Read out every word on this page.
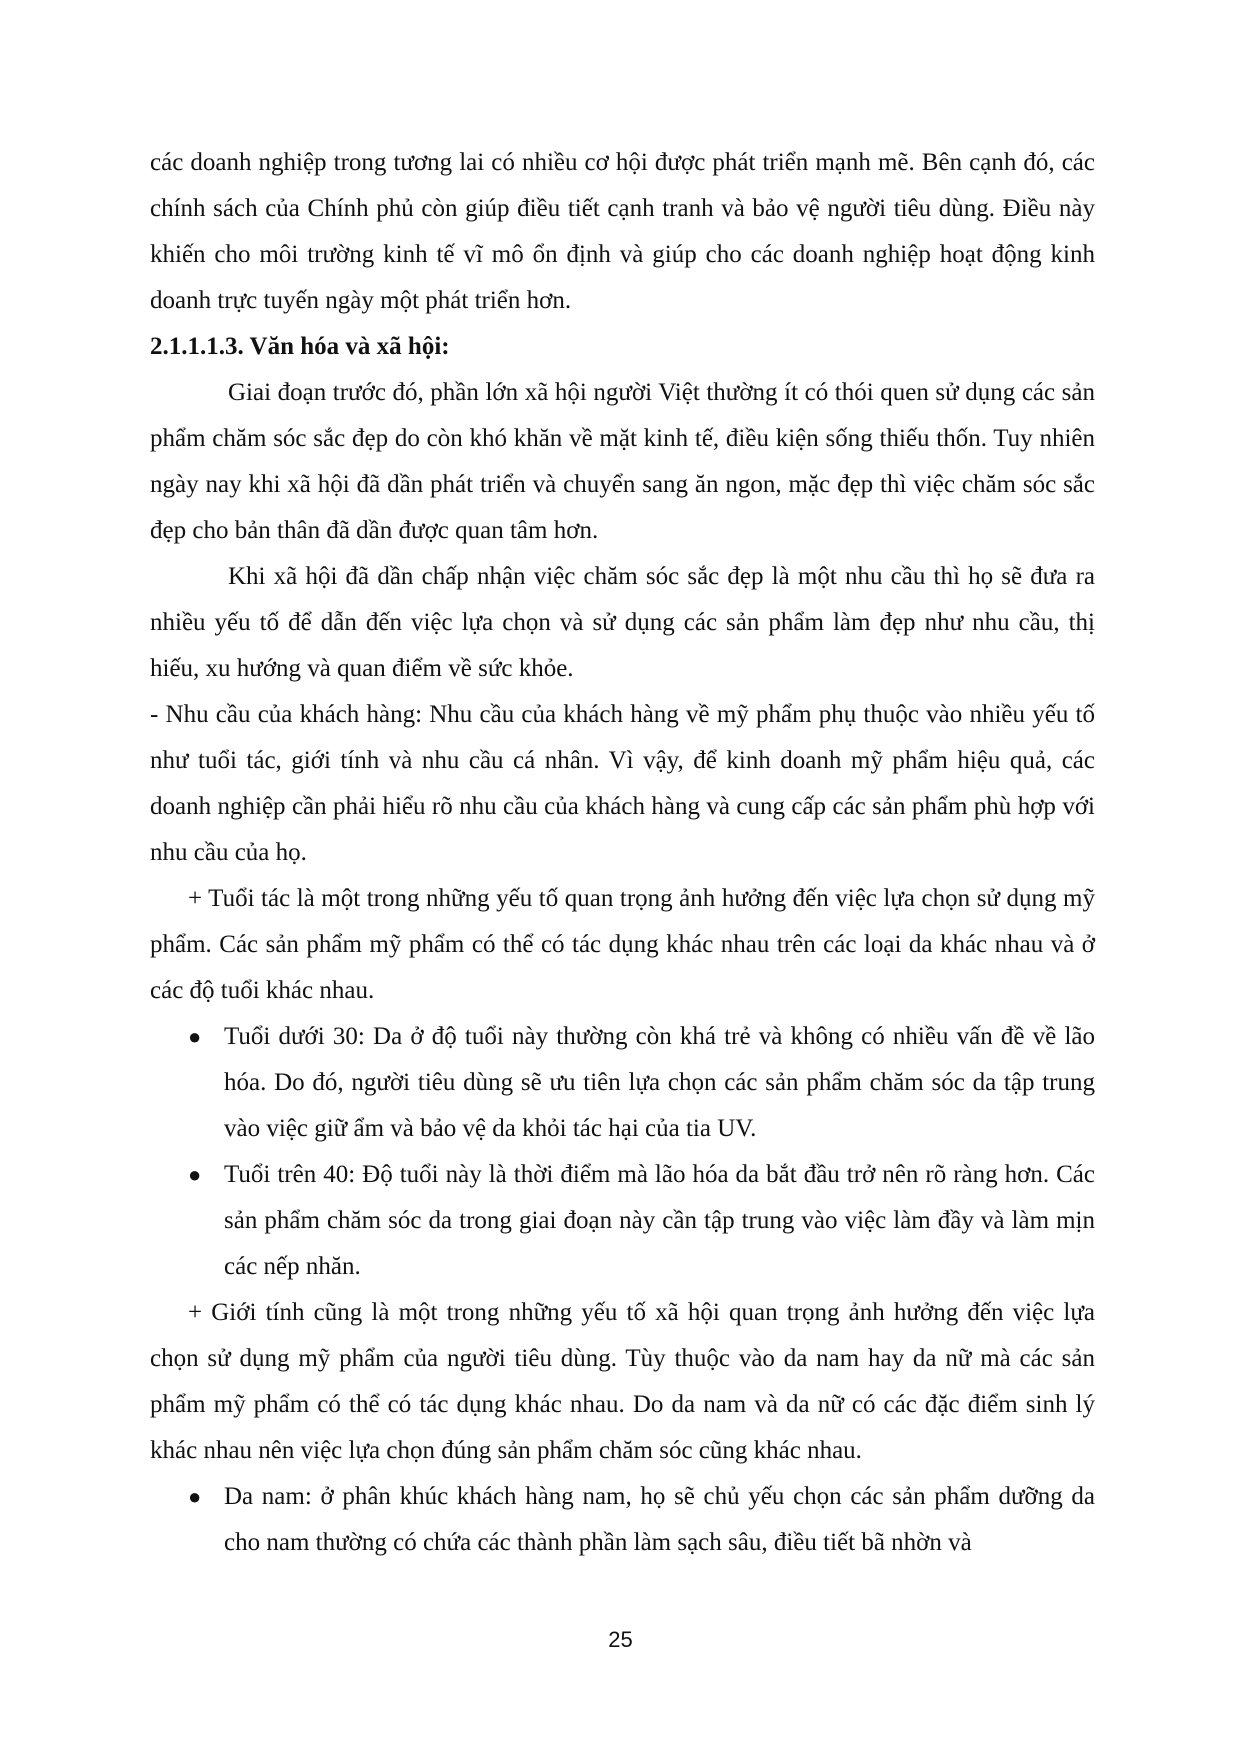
các doanh nghiệp trong tương lai có nhiều cơ hội được phát triển mạnh mẽ. Bên cạnh đó, các chính sách của Chính phủ còn giúp điều tiết cạnh tranh và bảo vệ người tiêu dùng. Điều này khiến cho môi trường kinh tế vĩ mô ổn định và giúp cho các doanh nghiệp hoạt động kinh doanh trực tuyến ngày một phát triển hơn.

2.1.1.1.3. Văn hóa và xã hội:

Giai đoạn trước đó, phần lớn xã hội người Việt thường ít có thói quen sử dụng các sản phẩm chăm sóc sắc đẹp do còn khó khăn về mặt kinh tế, điều kiện sống thiếu thốn. Tuy nhiên ngày nay khi xã hội đã dần phát triển và chuyển sang ăn ngon, mặc đẹp thì việc chăm sóc sắc đẹp cho bản thân đã dần được quan tâm hơn.

Khi xã hội đã dần chấp nhận việc chăm sóc sắc đẹp là một nhu cầu thì họ sẽ đưa ra nhiều yếu tố để dẫn đến việc lựa chọn và sử dụng các sản phẩm làm đẹp như nhu cầu, thị hiếu, xu hướng và quan điểm về sức khỏe.

- Nhu cầu của khách hàng: Nhu cầu của khách hàng về mỹ phẩm phụ thuộc vào nhiều yếu tố như tuổi tác, giới tính và nhu cầu cá nhân. Vì vậy, để kinh doanh mỹ phẩm hiệu quả, các doanh nghiệp cần phải hiểu rõ nhu cầu của khách hàng và cung cấp các sản phẩm phù hợp với nhu cầu của họ.

+ Tuổi tác là một trong những yếu tố quan trọng ảnh hưởng đến việc lựa chọn sử dụng mỹ phẩm. Các sản phẩm mỹ phẩm có thể có tác dụng khác nhau trên các loại da khác nhau và ở các độ tuổi khác nhau.

● Tuổi dưới 30: Da ở độ tuổi này thường còn khá trẻ và không có nhiều vấn đề về lão hóa. Do đó, người tiêu dùng sẽ ưu tiên lựa chọn các sản phẩm chăm sóc da tập trung vào việc giữ ẩm và bảo vệ da khỏi tác hại của tia UV.
● Tuổi trên 40: Độ tuổi này là thời điểm mà lão hóa da bắt đầu trở nên rõ ràng hơn. Các sản phẩm chăm sóc da trong giai đoạn này cần tập trung vào việc làm đầy và làm mịn các nếp nhăn.

+ Giới tính cũng là một trong những yếu tố xã hội quan trọng ảnh hưởng đến việc lựa chọn sử dụng mỹ phẩm của người tiêu dùng. Tùy thuộc vào da nam hay da nữ mà các sản phẩm mỹ phẩm có thể có tác dụng khác nhau. Do da nam và da nữ có các đặc điểm sinh lý khác nhau nên việc lựa chọn đúng sản phẩm chăm sóc cũng khác nhau.

● Da nam: ở phân khúc khách hàng nam, họ sẽ chủ yếu chọn các sản phẩm dưỡng da cho nam thường có chứa các thành phần làm sạch sâu, điều tiết bã nhờn và
25
